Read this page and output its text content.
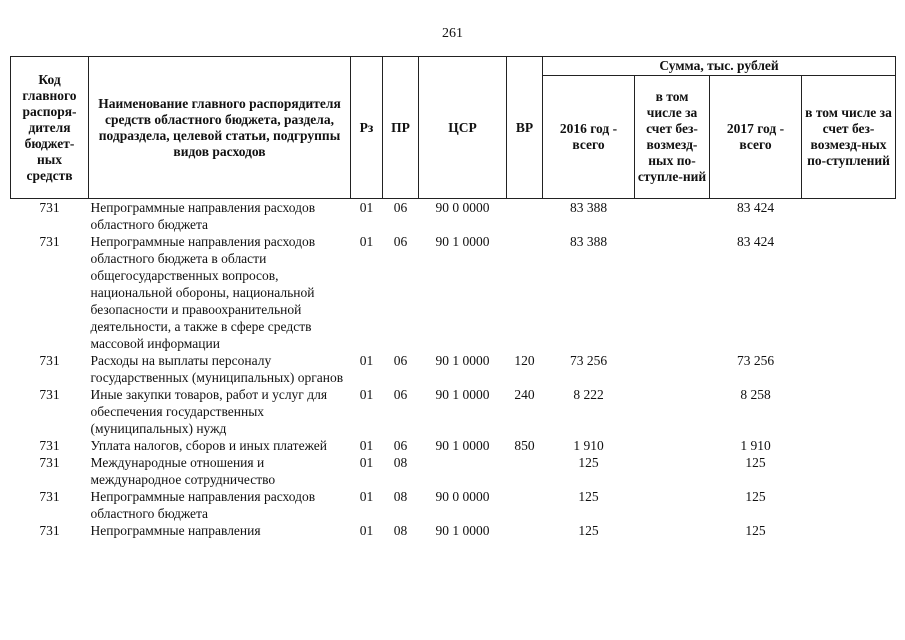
261
Код главного распоря-дителя бюджет-ных средств	Наименование главного распорядителя средств областного бюджета, раздела, подраздела, целевой статьи, подгруппы видов расходов	Рз	ПР	ЦСР	ВР	Сумма, тыс. рублей			
						2016 год - всего	в том числе за счет без-возмезд-ных по-ступле-ний	2017 год - всего	в том числе за счет без-возмезд-ных по-ступлений
731	Непрограммные направления расходов областного бюджета	01	06	90 0 0000		83 388		83 424	
731	Непрограммные направления расходов областного бюджета в области общегосударственных вопросов, национальной обороны, национальной безопасности и правоохранительной деятельности, а также в сфере средств массовой информации	01	06	90 1 0000		83 388		83 424	
731	Расходы на выплаты персоналу государственных (муниципальных) органов	01	06	90 1 0000	120	73 256		73 256	
731	Иные закупки товаров, работ и услуг для обеспечения государственных (муниципальных) нужд	01	06	90 1 0000	240	8 222		8 258	
731	Уплата налогов, сборов и иных платежей	01	06	90 1 0000	850	1 910		1 910	
731	Международные отношения и международное сотрудничество	01	08			125		125	
731	Непрограммные направления расходов областного бюджета	01	08	90 0 0000		125		125	
731	Непрограммные направления	01	08	90 1 0000		125		125	
